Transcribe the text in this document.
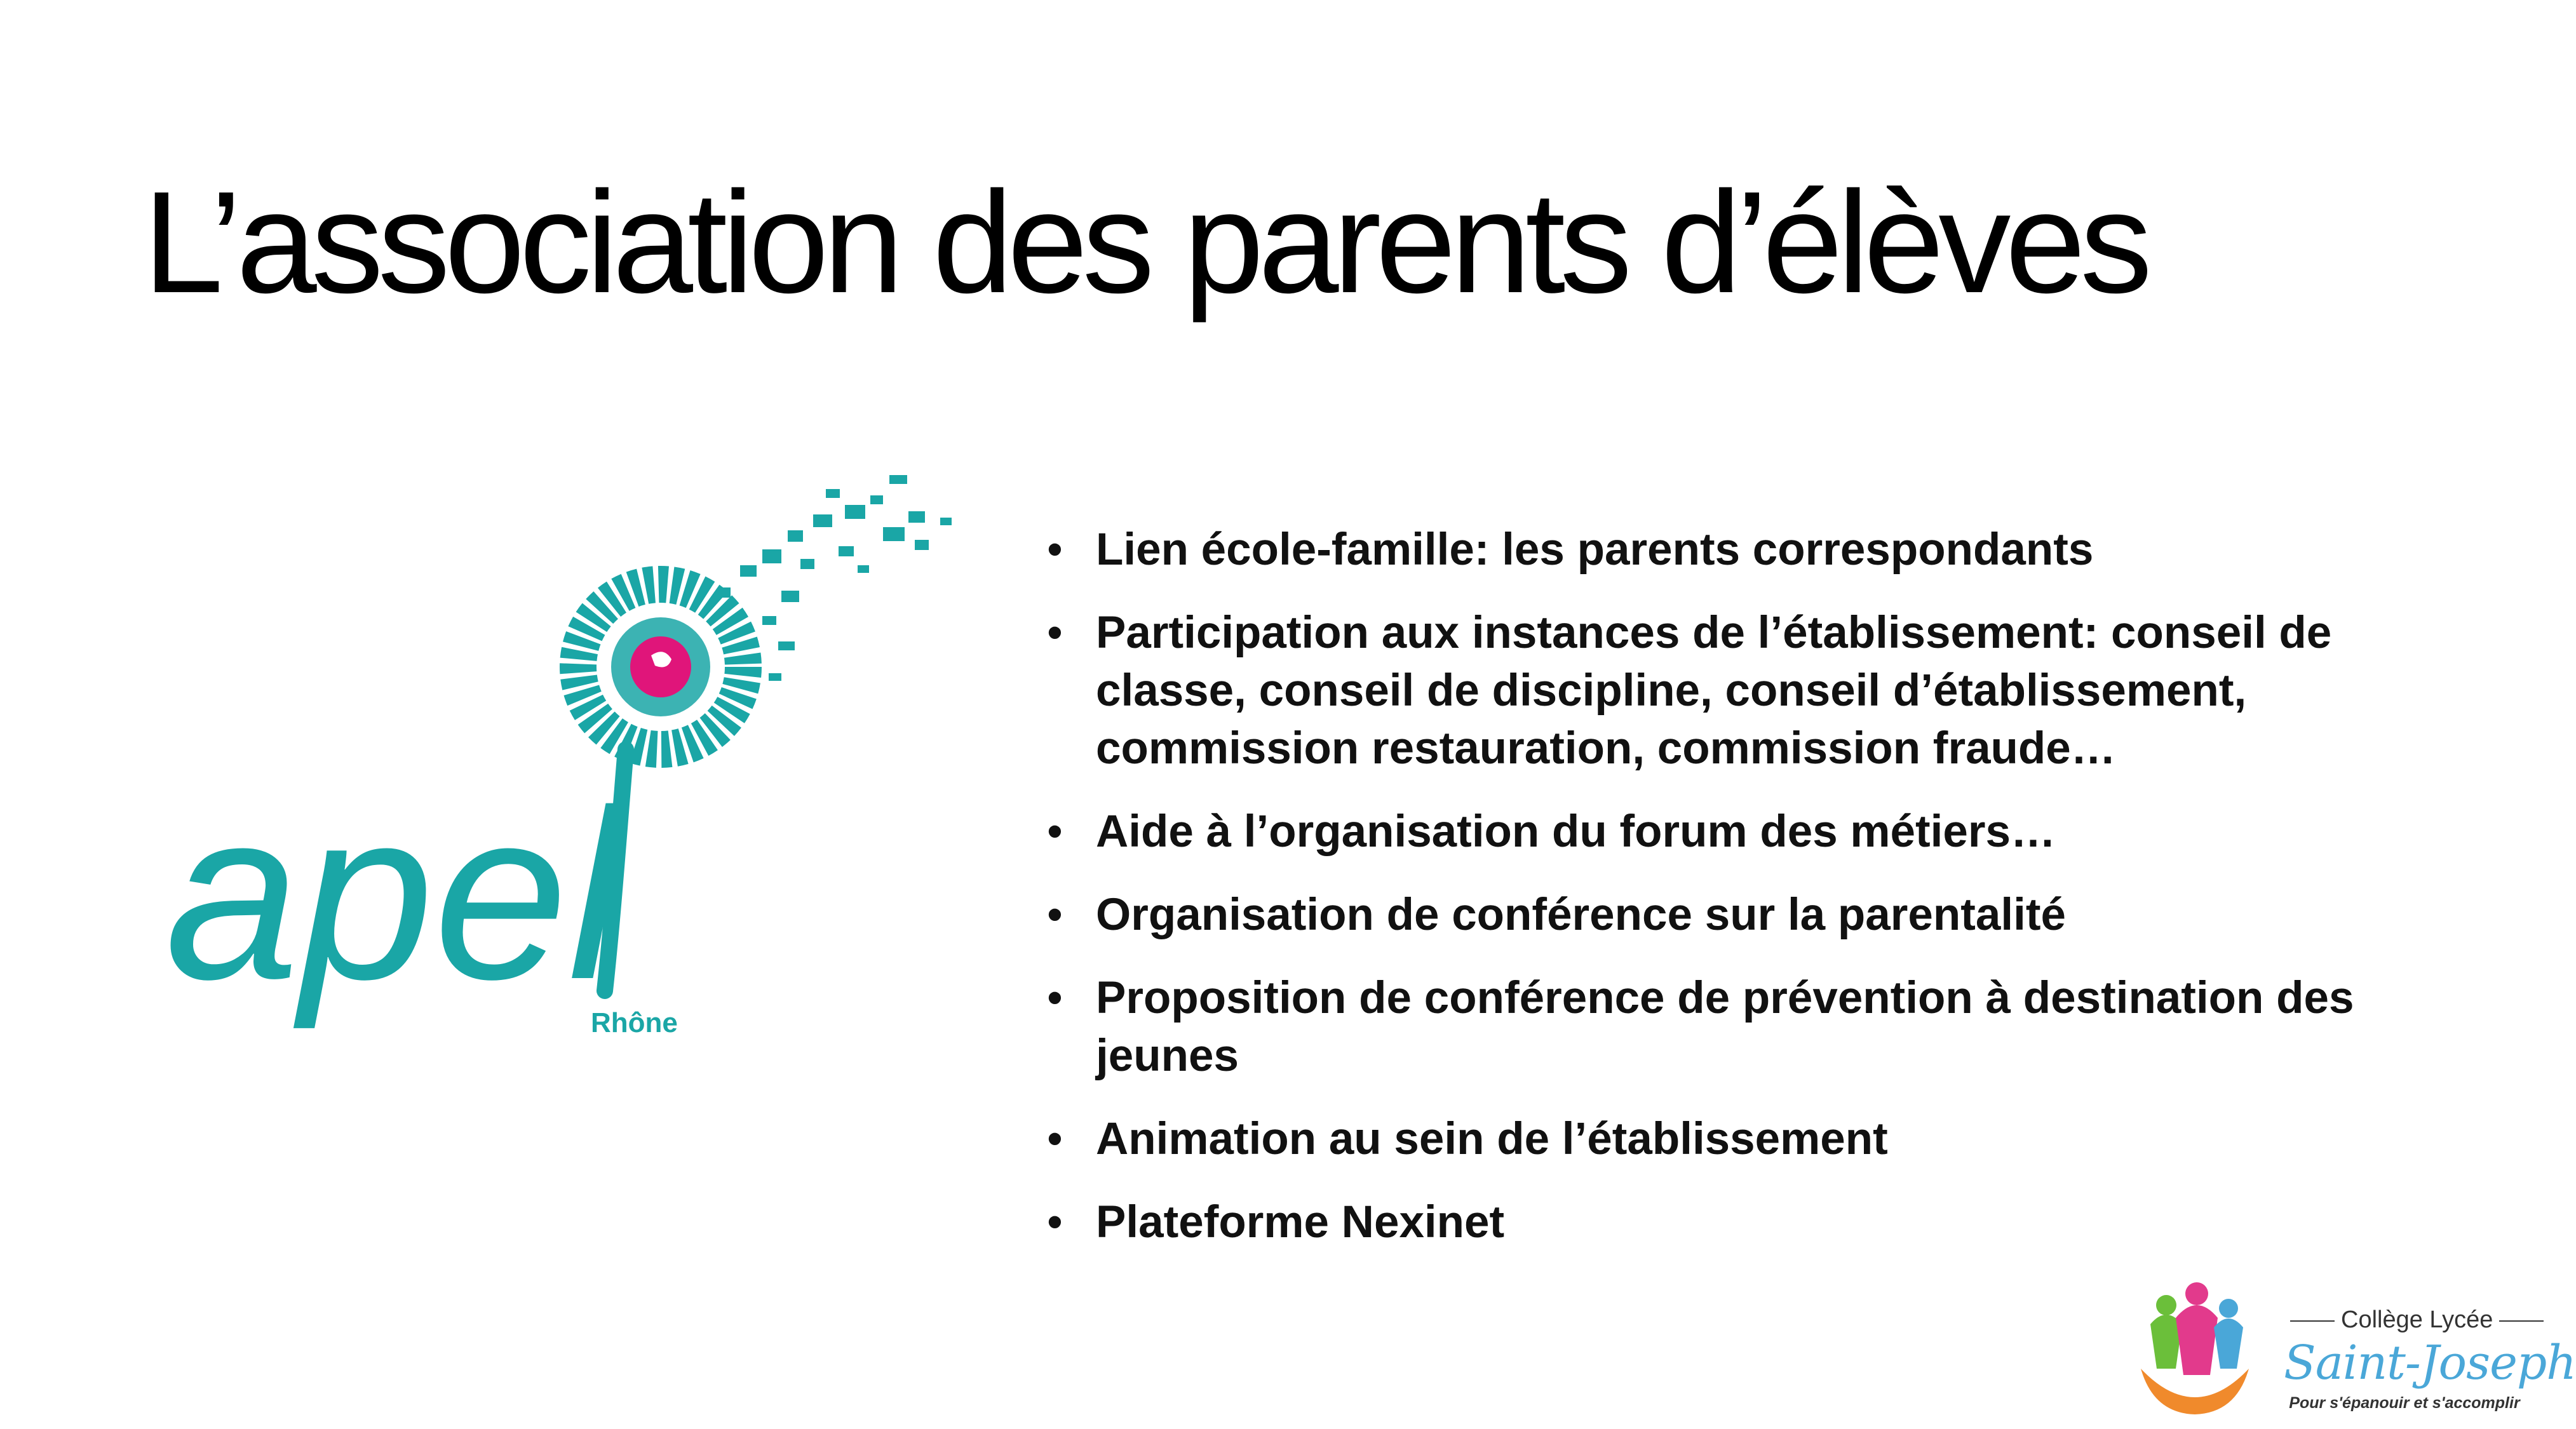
L’association des parents d’élèves
apel
Rhône
• Lien école-famille: les parents correspondants
• Participation aux instances de l’établissement: conseil de classe, conseil de discipline, conseil d’établissement, commission restauration, commission fraude…
• Aide à l’organisation du forum des métiers…
• Organisation de conférence sur la parentalité
• Proposition de conférence de prévention à destination des jeunes
• Animation au sein de l’établissement
• Plateforme Nexinet
Collège Lycée
Saint-Joseph
Pour s'épanouir et s'accomplir
